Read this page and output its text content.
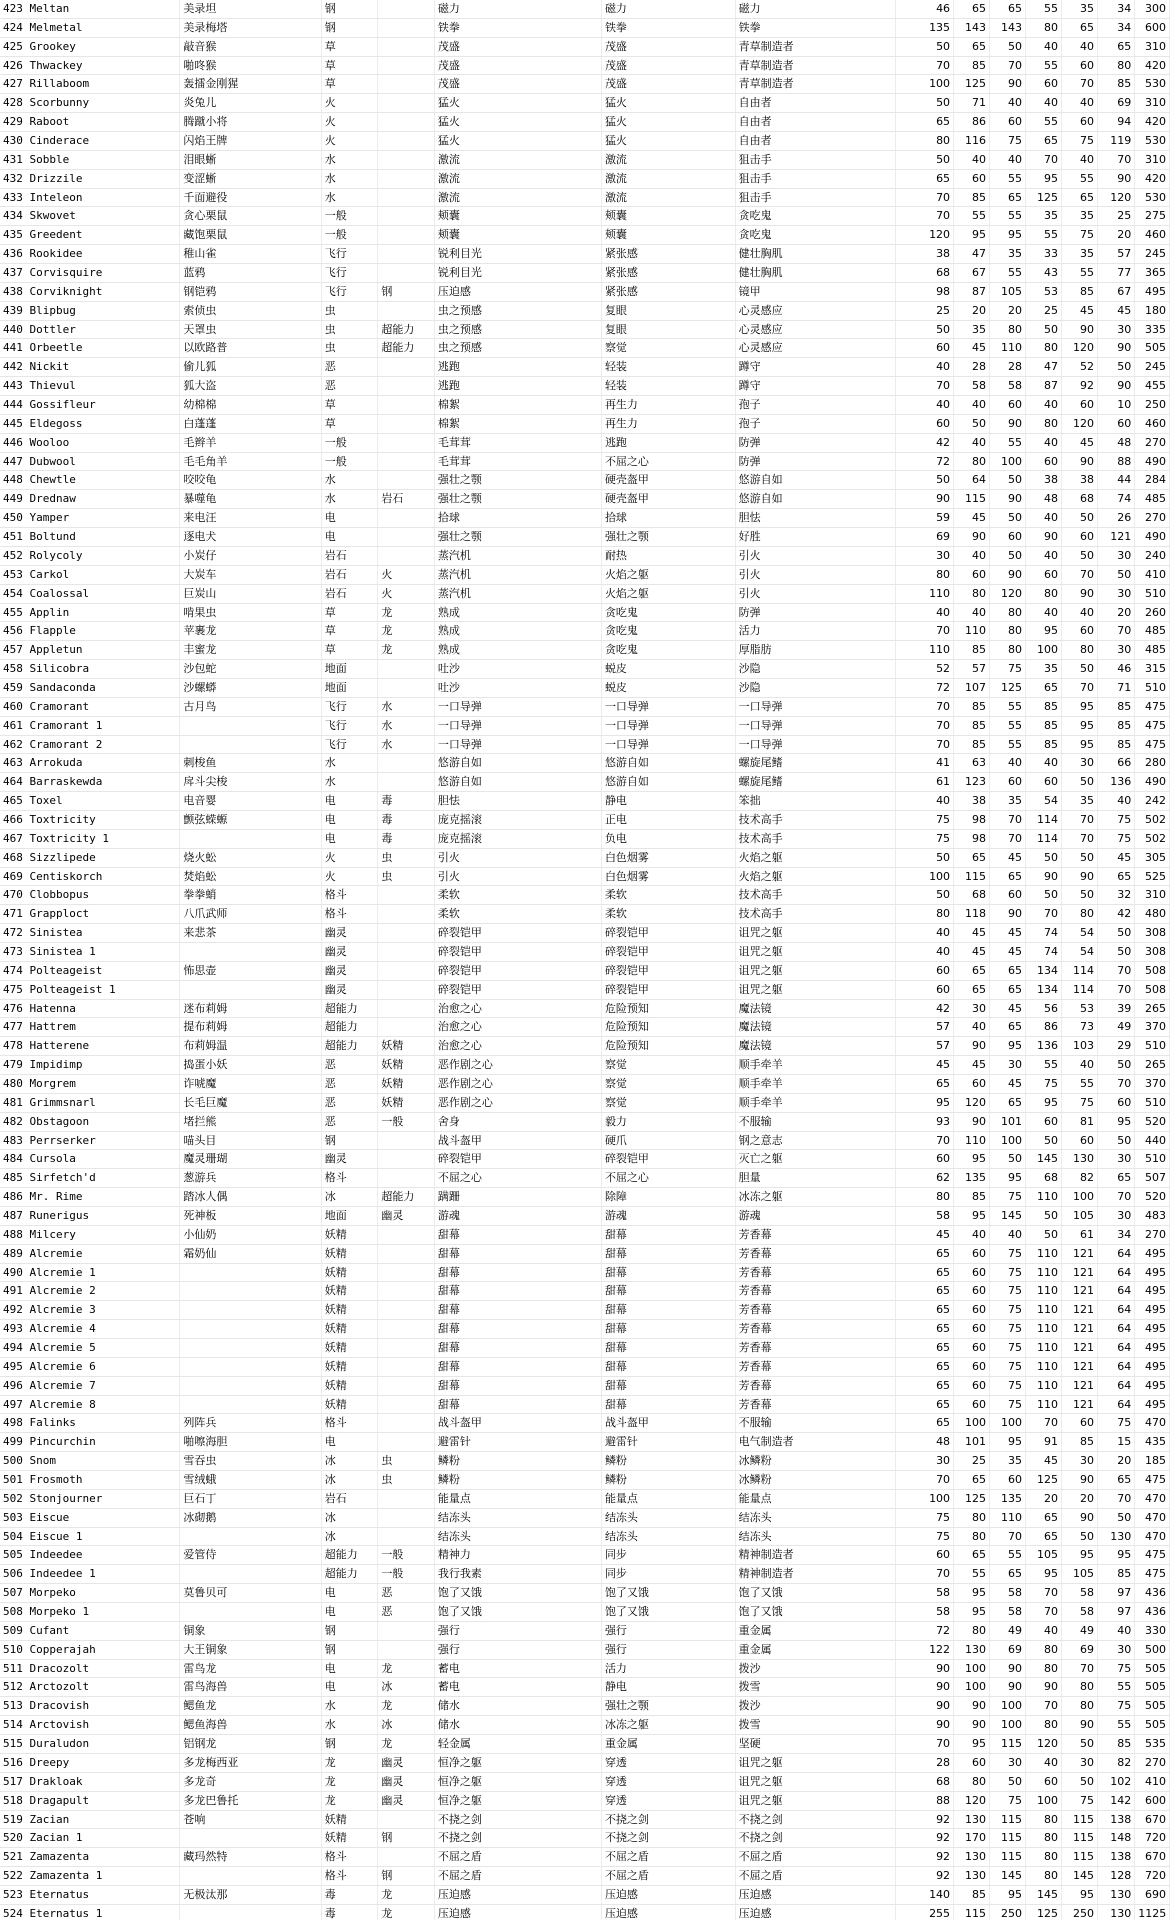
423 Meltan	美录坦	钢		磁力	磁力	磁力	46	65	65	55	35	34	300
424 Melmetal	美录梅塔	钢		铁拳	铁拳	铁拳	135	143	143	80	65	34	600
425 Grookey	敲音猴	草		茂盛	茂盛	青草制造者	50	65	50	40	40	65	310
426 Thwackey	啪咚猴	草		茂盛	茂盛	青草制造者	70	85	70	55	60	80	420
427 Rillaboom	轰擂金刚猩	草		茂盛	茂盛	青草制造者	100	125	90	60	70	85	530
428 Scorbunny	炎兔儿	火		猛火	猛火	自由者	50	71	40	40	40	69	310
429 Raboot	腾蹴小将	火		猛火	猛火	自由者	65	86	60	55	60	94	420
430 Cinderace	闪焰王牌	火		猛火	猛火	自由者	80	116	75	65	75	119	530
431 Sobble	泪眼蜥	水		激流	激流	狙击手	50	40	40	70	40	70	310
432 Drizzile	变涩蜥	水		激流	激流	狙击手	65	60	55	95	55	90	420
433 Inteleon	千面避役	水		激流	激流	狙击手	70	85	65	125	65	120	530
434 Skwovet	贪心栗鼠	一般		颊囊	颊囊	贪吃鬼	70	55	55	35	35	25	275
435 Greedent	藏饱栗鼠	一般		颊囊	颊囊	贪吃鬼	120	95	95	55	75	20	460
436 Rookidee	稚山雀	飞行		锐利目光	紧张感	健壮胸肌	38	47	35	33	35	57	245
437 Corvisquire	蓝鸦	飞行		锐利目光	紧张感	健壮胸肌	68	67	55	43	55	77	365
438 Corviknight	钢铠鸦	飞行	钢	压迫感	紧张感	镜甲	98	87	105	53	85	67	495
439 Blipbug	索侦虫	虫		虫之预感	复眼	心灵感应	25	20	20	25	45	45	180
440 Dottler	天罩虫	虫	超能力	虫之预感	复眼	心灵感应	50	35	80	50	90	30	335
441 Orbeetle	以欧路普	虫	超能力	虫之预感	察觉	心灵感应	60	45	110	80	120	90	505
442 Nickit	偷儿狐	恶		逃跑	轻装	蹲守	40	28	28	47	52	50	245
443 Thievul	狐大盗	恶		逃跑	轻装	蹲守	70	58	58	87	92	90	455
444 Gossifleur	幼棉棉	草		棉絮	再生力	孢子	40	40	60	40	60	10	250
445 Eldegoss	白蓬蓬	草		棉絮	再生力	孢子	60	50	90	80	120	60	460
446 Wooloo	毛辫羊	一般		毛茸茸	逃跑	防弹	42	40	55	40	45	48	270
447 Dubwool	毛毛角羊	一般		毛茸茸	不屈之心	防弹	72	80	100	60	90	88	490
448 Chewtle	咬咬龟	水		强壮之颚	硬壳盔甲	悠游自如	50	64	50	38	38	44	284
449 Drednaw	暴噬龟	水	岩石	强壮之颚	硬壳盔甲	悠游自如	90	115	90	48	68	74	485
450 Yamper	来电汪	电		拾球	拾球	胆怯	59	45	50	40	50	26	270
451 Boltund	逐电犬	电		强壮之颚	强壮之颚	好胜	69	90	60	90	60	121	490
452 Rolycoly	小炭仔	岩石		蒸汽机	耐热	引火	30	40	50	40	50	30	240
453 Carkol	大炭车	岩石	火	蒸汽机	火焰之躯	引火	80	60	90	60	70	50	410
454 Coalossal	巨炭山	岩石	火	蒸汽机	火焰之躯	引火	110	80	120	80	90	30	510
455 Applin	啃果虫	草	龙	熟成	贪吃鬼	防弹	40	40	80	40	40	20	260
456 Flapple	苹裹龙	草	龙	熟成	贪吃鬼	活力	70	110	80	95	60	70	485
457 Appletun	丰蜜龙	草	龙	熟成	贪吃鬼	厚脂肪	110	85	80	100	80	30	485
458 Silicobra	沙包蛇	地面		吐沙	蜕皮	沙隐	52	57	75	35	50	46	315
459 Sandaconda	沙螺蟒	地面		吐沙	蜕皮	沙隐	72	107	125	65	70	71	510
460 Cramorant	古月鸟	飞行	水	一口导弹	一口导弹	一口导弹	70	85	55	85	95	85	475
461 Cramorant 1		飞行	水	一口导弹	一口导弹	一口导弹	70	85	55	85	95	85	475
462 Cramorant 2		飞行	水	一口导弹	一口导弹	一口导弹	70	85	55	85	95	85	475
463 Arrokuda	刺梭鱼	水		悠游自如	悠游自如	螺旋尾鳍	41	63	40	40	30	66	280
464 Barraskewda	戽斗尖梭	水		悠游自如	悠游自如	螺旋尾鳍	61	123	60	60	50	136	490
465 Toxel	电音婴	电	毒	胆怯	静电	笨拙	40	38	35	54	35	40	242
466 Toxtricity	颤弦蝾螈	电	毒	庞克摇滚	正电	技术高手	75	98	70	114	70	75	502
467 Toxtricity 1		电	毒	庞克摇滚	负电	技术高手	75	98	70	114	70	75	502
468 Sizzlipede	烧火蚣	火	虫	引火	白色烟雾	火焰之躯	50	65	45	50	50	45	305
469 Centiskorch	焚焰蚣	火	虫	引火	白色烟雾	火焰之躯	100	115	65	90	90	65	525
470 Clobbopus	拳拳蛸	格斗		柔软	柔软	技术高手	50	68	60	50	50	32	310
471 Grapploct	八爪武师	格斗		柔软	柔软	技术高手	80	118	90	70	80	42	480
472 Sinistea	来悲茶	幽灵		碎裂铠甲	碎裂铠甲	诅咒之躯	40	45	45	74	54	50	308
473 Sinistea 1		幽灵		碎裂铠甲	碎裂铠甲	诅咒之躯	40	45	45	74	54	50	308
474 Polteageist	怖思壶	幽灵		碎裂铠甲	碎裂铠甲	诅咒之躯	60	65	65	134	114	70	508
475 Polteageist 1		幽灵		碎裂铠甲	碎裂铠甲	诅咒之躯	60	65	65	134	114	70	508
476 Hatenna	迷布莉姆	超能力		治愈之心	危险预知	魔法镜	42	30	45	56	53	39	265
477 Hattrem	提布莉姆	超能力		治愈之心	危险预知	魔法镜	57	40	65	86	73	49	370
478 Hatterene	布莉姆温	超能力	妖精	治愈之心	危险预知	魔法镜	57	90	95	136	103	29	510
479 Impidimp	捣蛋小妖	恶	妖精	恶作剧之心	察觉	顺手牵羊	45	45	30	55	40	50	265
480 Morgrem	诈唬魔	恶	妖精	恶作剧之心	察觉	顺手牵羊	65	60	45	75	55	70	370
481 Grimmsnarl	长毛巨魔	恶	妖精	恶作剧之心	察觉	顺手牵羊	95	120	65	95	75	60	510
482 Obstagoon	堵拦熊	恶	一般	舍身	毅力	不服输	93	90	101	60	81	95	520
483 Perrserker	喵头目	钢		战斗盔甲	硬爪	钢之意志	70	110	100	50	60	50	440
484 Cursola	魔灵珊瑚	幽灵		碎裂铠甲	碎裂铠甲	灭亡之躯	60	95	50	145	130	30	510
485 Sirfetch'd	葱游兵	格斗		不屈之心	不屈之心	胆量	62	135	95	68	82	65	507
486 Mr. Rime	踏冰人偶	冰	超能力	蹒跚	除障	冰冻之躯	80	85	75	110	100	70	520
487 Runerigus	死神板	地面	幽灵	游魂	游魂	游魂	58	95	145	50	105	30	483
488 Milcery	小仙奶	妖精		甜幕	甜幕	芳香幕	45	40	40	50	61	34	270
489 Alcremie	霜奶仙	妖精		甜幕	甜幕	芳香幕	65	60	75	110	121	64	495
490 Alcremie 1		妖精		甜幕	甜幕	芳香幕	65	60	75	110	121	64	495
491 Alcremie 2		妖精		甜幕	甜幕	芳香幕	65	60	75	110	121	64	495
492 Alcremie 3		妖精		甜幕	甜幕	芳香幕	65	60	75	110	121	64	495
493 Alcremie 4		妖精		甜幕	甜幕	芳香幕	65	60	75	110	121	64	495
494 Alcremie 5		妖精		甜幕	甜幕	芳香幕	65	60	75	110	121	64	495
495 Alcremie 6		妖精		甜幕	甜幕	芳香幕	65	60	75	110	121	64	495
496 Alcremie 7		妖精		甜幕	甜幕	芳香幕	65	60	75	110	121	64	495
497 Alcremie 8		妖精		甜幕	甜幕	芳香幕	65	60	75	110	121	64	495
498 Falinks	列阵兵	格斗		战斗盔甲	战斗盔甲	不服输	65	100	100	70	60	75	470
499 Pincurchin	啪嚓海胆	电		避雷针	避雷针	电气制造者	48	101	95	91	85	15	435
500 Snom	雪吞虫	冰	虫	鳞粉	鳞粉	冰鳞粉	30	25	35	45	30	20	185
501 Frosmoth	雪绒蛾	冰	虫	鳞粉	鳞粉	冰鳞粉	70	65	60	125	90	65	475
502 Stonjourner	巨石丁	岩石		能量点	能量点	能量点	100	125	135	20	20	70	470
503 Eiscue	冰砌鹅	冰		结冻头	结冻头	结冻头	75	80	110	65	90	50	470
504 Eiscue 1		冰		结冻头	结冻头	结冻头	75	80	70	65	50	130	470
505 Indeedee	爱管侍	超能力	一般	精神力	同步	精神制造者	60	65	55	105	95	95	475
506 Indeedee 1		超能力	一般	我行我素	同步	精神制造者	70	55	65	95	105	85	475
507 Morpeko	莫鲁贝可	电	恶	饱了又饿	饱了又饿	饱了又饿	58	95	58	70	58	97	436
508 Morpeko 1		电	恶	饱了又饿	饱了又饿	饱了又饿	58	95	58	70	58	97	436
509 Cufant	铜象	钢		强行	强行	重金属	72	80	49	40	49	40	330
510 Copperajah	大王铜象	钢		强行	强行	重金属	122	130	69	80	69	30	500
511 Dracozolt	雷鸟龙	电	龙	蓄电	活力	拨沙	90	100	90	80	70	75	505
512 Arctozolt	雷鸟海兽	电	冰	蓄电	静电	拨雪	90	100	90	90	80	55	505
513 Dracovish	鳃鱼龙	水	龙	储水	强壮之颚	拨沙	90	90	100	70	80	75	505
514 Arctovish	鳃鱼海兽	水	冰	储水	冰冻之躯	拨雪	90	90	100	80	90	55	505
515 Duraludon	铝钢龙	钢	龙	轻金属	重金属	坚硬	70	95	115	120	50	85	535
516 Dreepy	多龙梅西亚	龙	幽灵	恒净之躯	穿透	诅咒之躯	28	60	30	40	30	82	270
517 Drakloak	多龙奇	龙	幽灵	恒净之躯	穿透	诅咒之躯	68	80	50	60	50	102	410
518 Dragapult	多龙巴鲁托	龙	幽灵	恒净之躯	穿透	诅咒之躯	88	120	75	100	75	142	600
519 Zacian	苍响	妖精		不挠之剑	不挠之剑	不挠之剑	92	130	115	80	115	138	670
520 Zacian 1		妖精	钢	不挠之剑	不挠之剑	不挠之剑	92	170	115	80	115	148	720
521 Zamazenta	藏玛然特	格斗		不屈之盾	不屈之盾	不屈之盾	92	130	115	80	115	138	670
522 Zamazenta 1		格斗	钢	不屈之盾	不屈之盾	不屈之盾	92	130	145	80	145	128	720
523 Eternatus	无极汰那	毒	龙	压迫感	压迫感	压迫感	140	85	95	145	95	130	690
524 Eternatus 1		毒	龙	压迫感	压迫感	压迫感	255	115	250	125	250	130	1125
